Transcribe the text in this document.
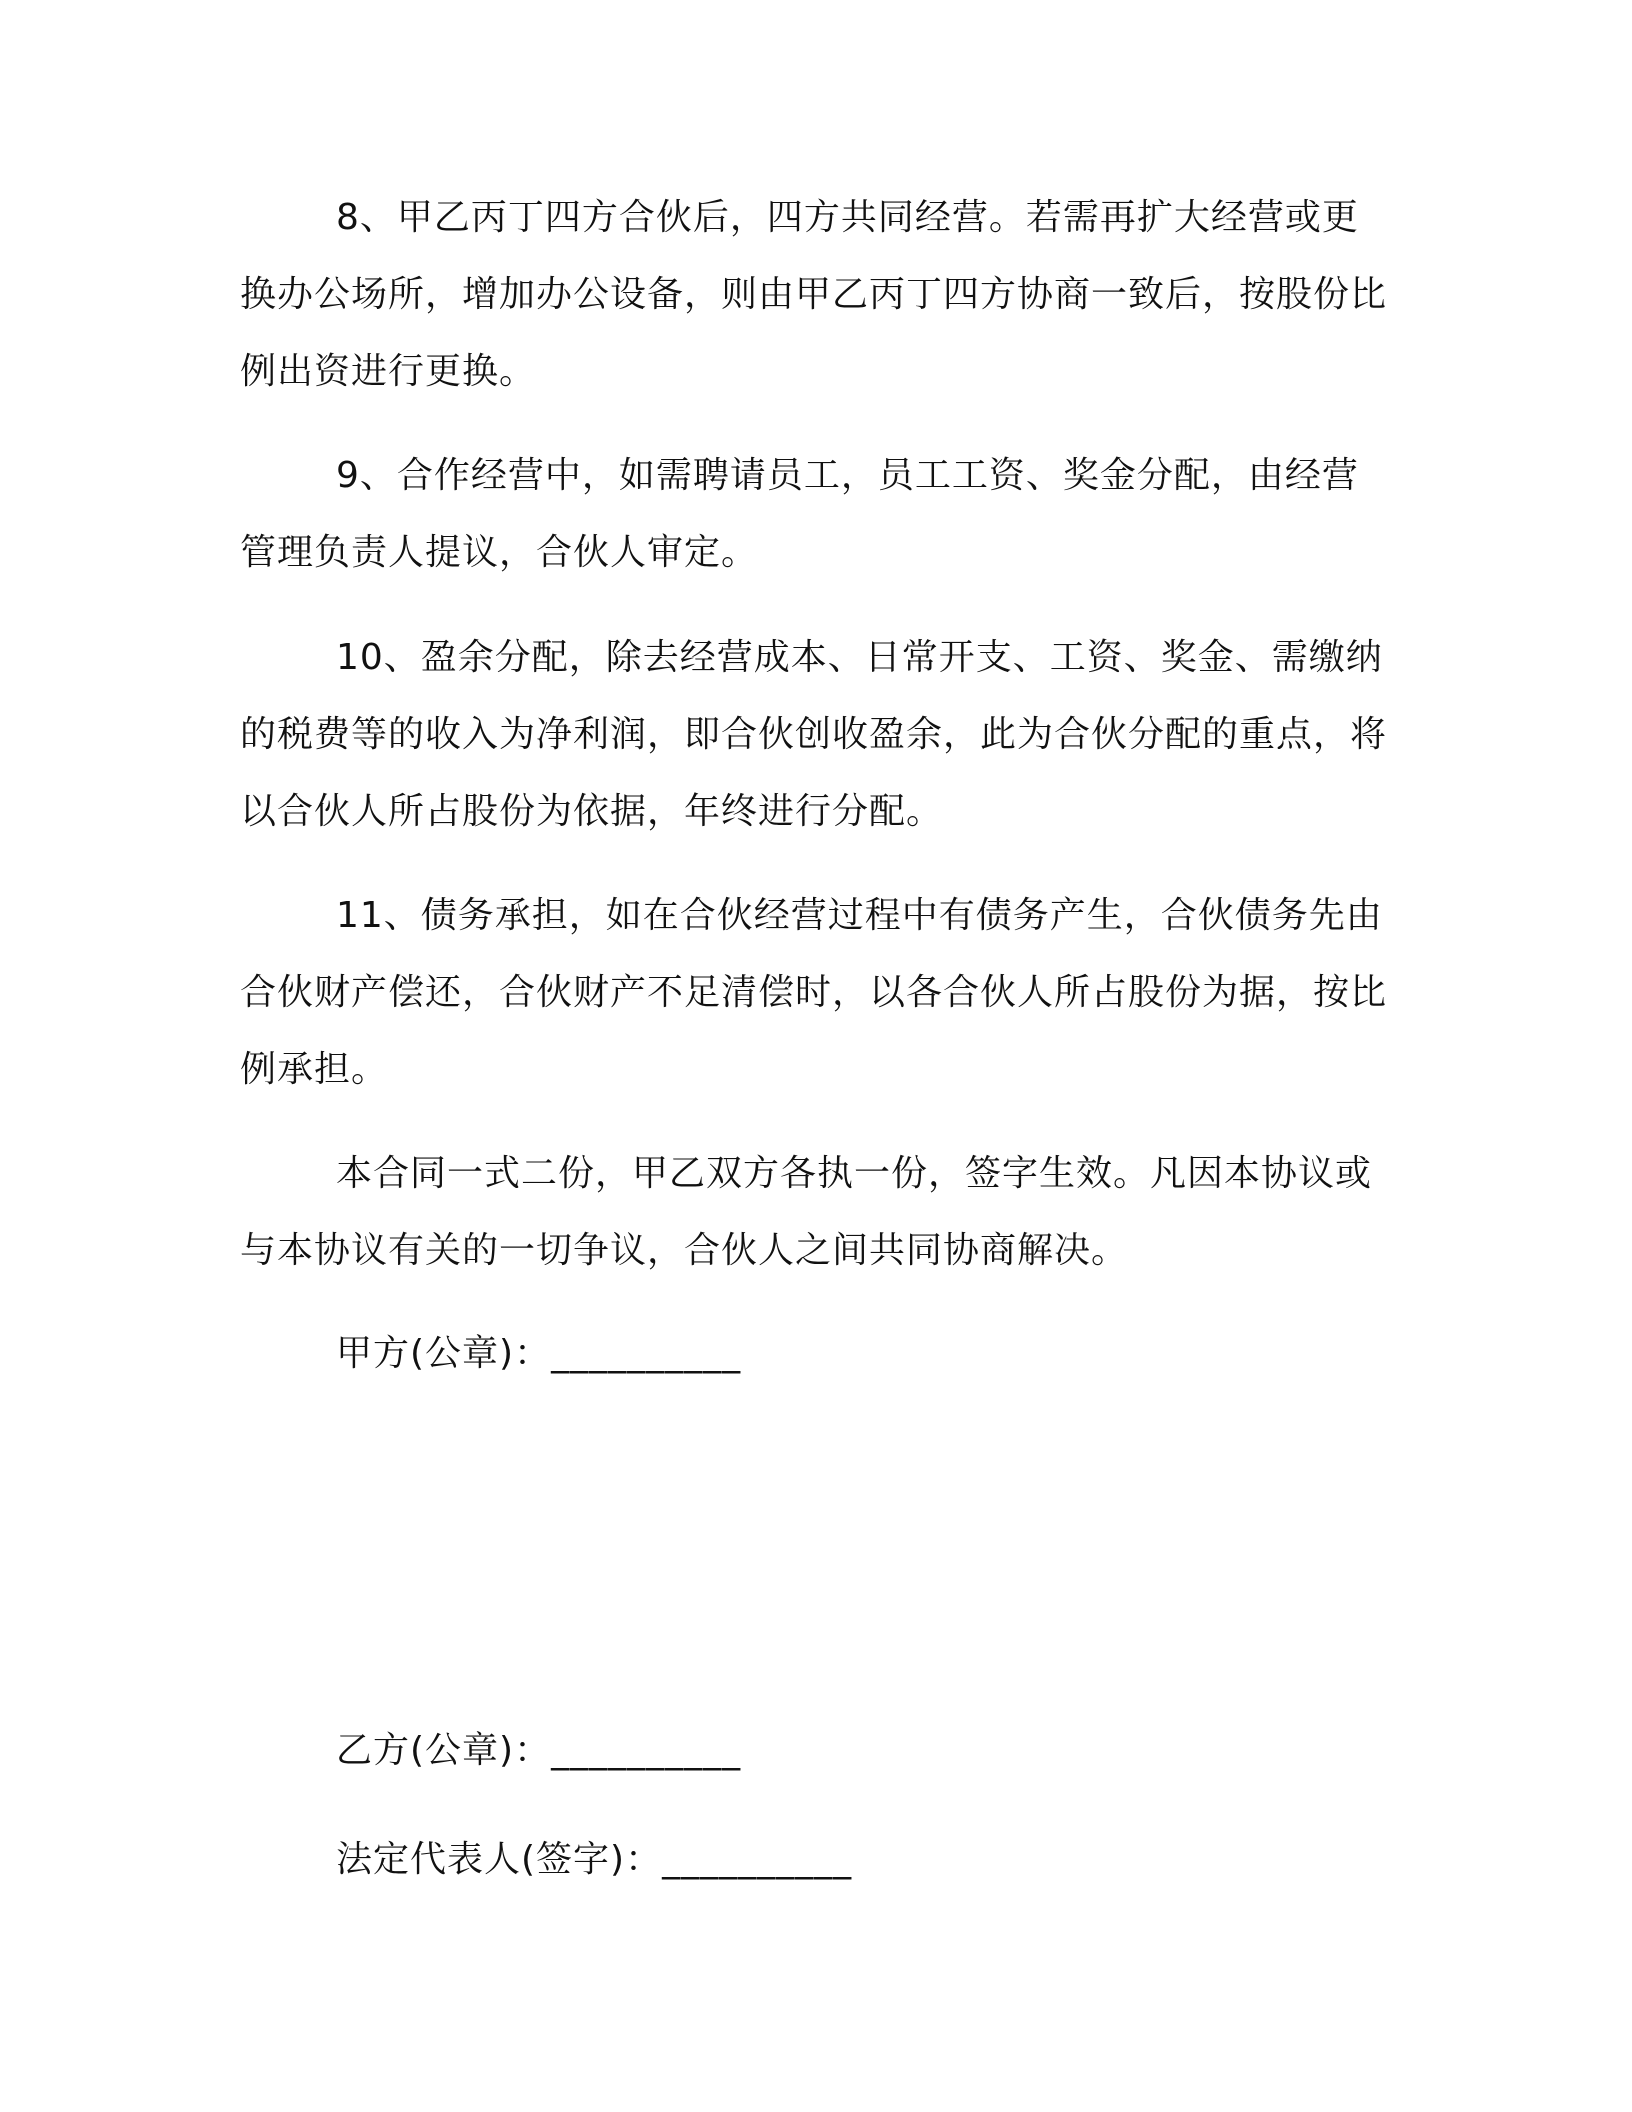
8、甲乙丙丁四方合伙后，四方共同经营。若需再扩大经营或更换办公场所，增加办公设备，则由甲乙丙丁四方协商一致后，按股份比例出资进行更换。

9、合作经营中，如需聘请员工，员工工资、奖金分配，由经营管理负责人提议，合伙人审定。

10、盈余分配，除去经营成本、日常开支、工资、奖金、需缴纳的税费等的收入为净利润，即合伙创收盈余，此为合伙分配的重点，将以合伙人所占股份为依据，年终进行分配。

11、债务承担，如在合伙经营过程中有债务产生，合伙债务先由合伙财产偿还，合伙财产不足清偿时，以各合伙人所占股份为据，按比例承担。

本合同一式二份，甲乙双方各执一份，签字生效。凡因本协议或与本协议有关的一切争议，合伙人之间共同协商解决。

甲方(公章)：__________
乙方(公章)：__________
法定代表人(签字)：__________
